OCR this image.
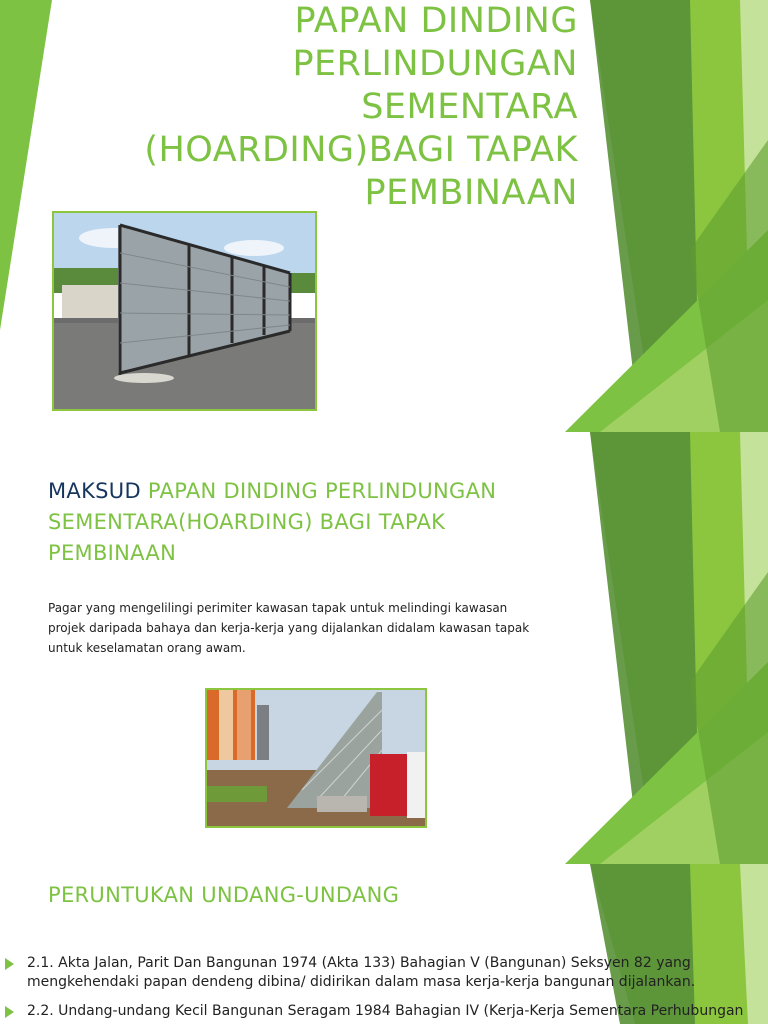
PAPAN DINDING
PERLINDUNGAN
SEMENTARA
(HOARDING)BAGI TAPAK
PEMBINAAN
MAKSUD PAPAN DINDING PERLINDUNGAN SEMENTARA(HOARDING) BAGI TAPAK PEMBINAAN
Pagar yang mengelilingi perimiter kawasan tapak untuk melindingi kawasan
projek daripada bahaya dan kerja-kerja yang dijalankan didalam kawasan tapak
untuk keselamatan orang awam.
PERUNTUKAN UNDANG-UNDANG
2.1. Akta Jalan, Parit Dan Bangunan 1974 (Akta 133) Bahagian V (Bangunan) Seksyen 82 yang
mengkehendaki papan dendeng dibina/ didirikan dalam masa kerja-kerja bangunan dijalankan.
2.2. Undang-undang Kecil Bangunan Seragam 1984 Bahagian IV (Kerja-Kerja Sementara Perhubungan
